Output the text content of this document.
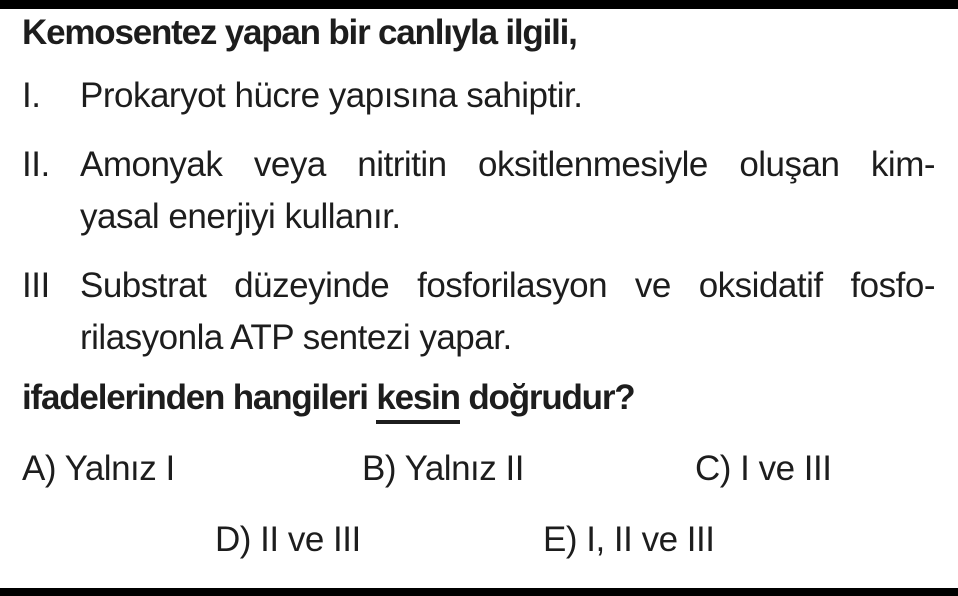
Kemosentez yapan bir canlıyla ilgili,
I.	Prokaryot hücre yapısına sahiptir.
II. Amonyak veya nitritin oksitlenmesiyle oluşan kim-
yasal enerjiyi kullanır.
III Substrat düzeyinde fosforilasyon ve oksidatif fosfo-
rilasyonla ATP sentezi yapar.
ifadelerinden hangileri kesin doğrudur?
A) Yalnız I	B) Yalnız II	C) I ve III
D) II ve III	E) I, II ve III
